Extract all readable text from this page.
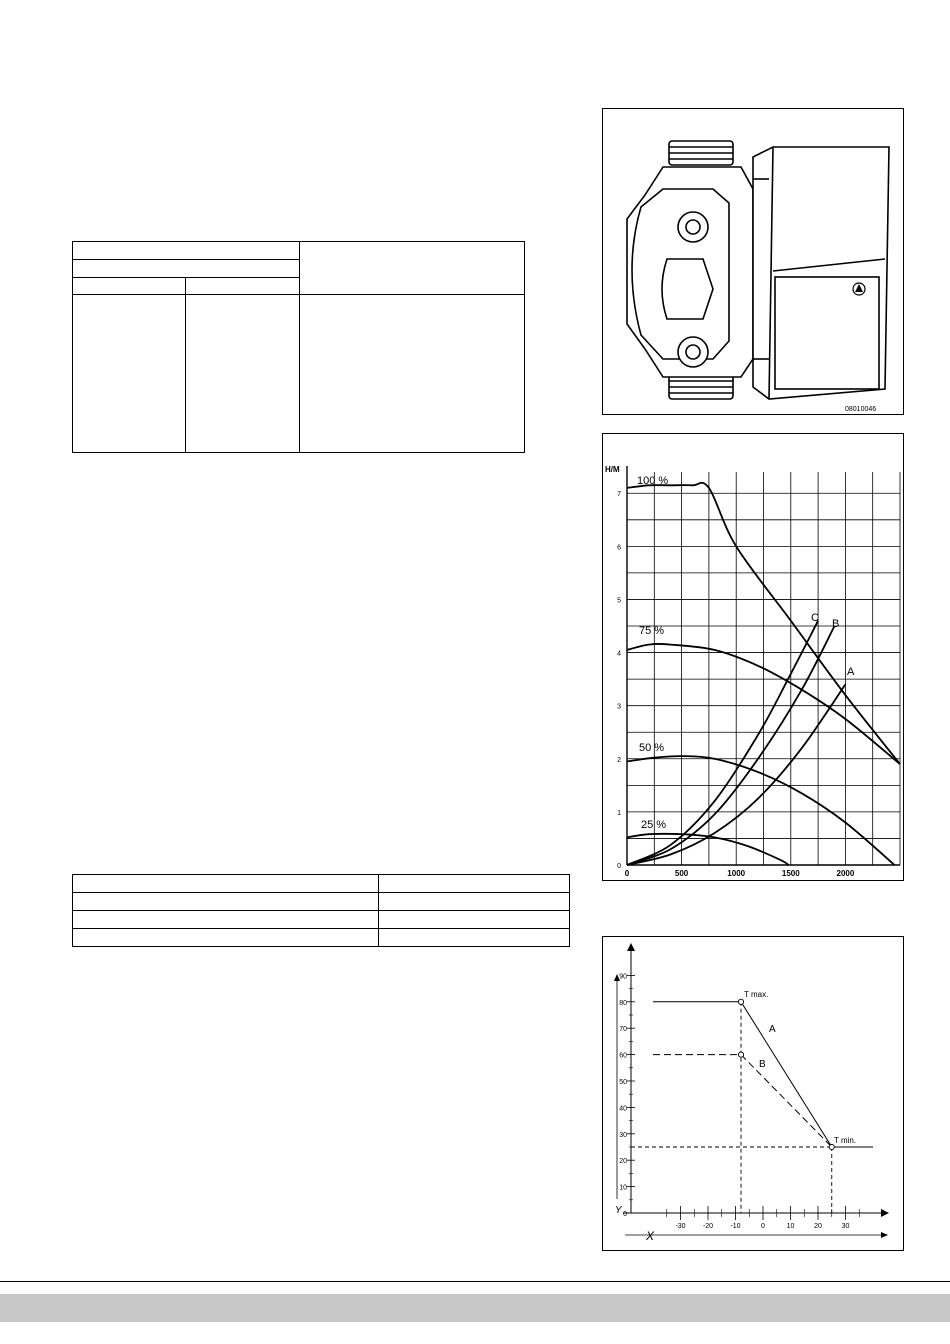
08010046
0
1
2
3
4
5
6
7
0	500	1000	1500	2000
H/M
100 %
75 %
50 %
25 %
C B
A
0
10
20
30
40
50
60
70
80
90
-30 -20 -10	0	10	20	30
Y
X
T max.
T min.
A
B
